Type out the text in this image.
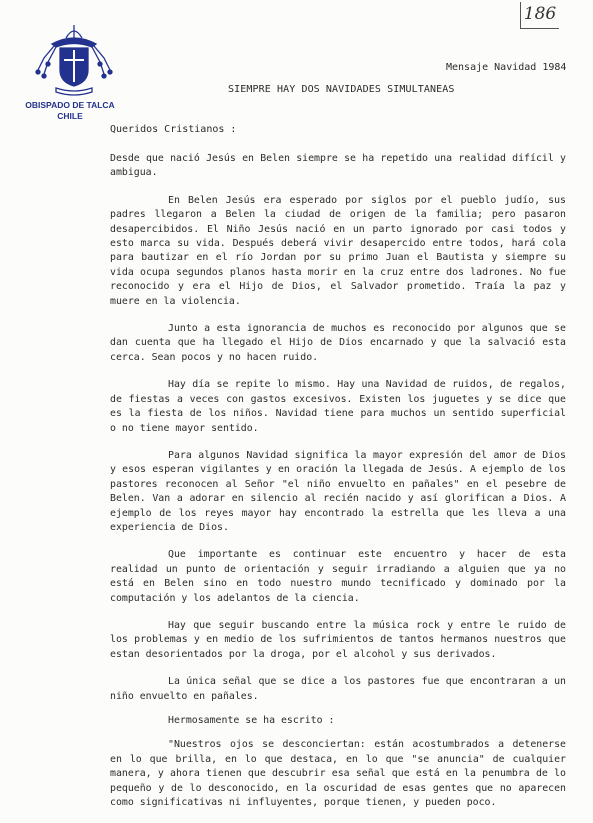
186
OBISPADO DE TALCA
CHILE
Mensaje Navidad 1984
SIEMPRE HAY DOS NAVIDADES SIMULTANEAS
Queridos Cristianos :

Desde que nació Jesús en Belen siempre se ha repetido una realidad difícil y ambigua.

En Belen Jesús era esperado por siglos por el pueblo judío, sus padres llegaron a Belen la ciudad de origen de la familia; pero pasaron desapercibidos. El Niño Jesús nació en un parto ignorado por casi todos y esto marca su vida. Después deberá vivir desapercido entre todos, hará cola para bautizar en el río Jordan por su primo Juan el Bautista y siempre su vida ocupa segundos planos hasta morir en la cruz entre dos ladrones. No fue reconocido y era el Hijo de Dios, el Salvador prometido. Traía la paz y muere en la violencia.

Junto a esta ignorancia de muchos es reconocido por algunos que se dan cuenta que ha llegado el Hijo de Dios encarnado y que la salvació esta cerca. Sean pocos y no hacen ruido.

Hay día se repite lo mismo. Hay una Navidad de ruidos, de regalos, de fiestas a veces con gastos excesivos. Existen los juguetes y se dice que es la fiesta de los niños. Navidad tiene para muchos un sentido superficial o no tiene mayor sentido.

Para algunos Navidad significa la mayor expresión del amor de Dios y esos esperan vigilantes y en oración la llegada de Jesús. A ejemplo de los pastores reconocen al Señor "el niño envuelto en pañales" en el pesebre de Belen. Van a adorar en silencio al recién nacido y así glorifican a Dios. A ejemplo de los reyes mayor hay encontrado la estrella que les lleva a una experiencia de Dios.

Que importante es continuar este encuentro y hacer de esta realidad un punto de orientación y seguir irradiando a alguien que ya no está en Belen sino en todo nuestro mundo tecnificado y dominado por la computación y los adelantos de la ciencia.

Hay que seguir buscando entre la música rock y entre le ruido de los problemas y en medio de los sufrimientos de tantos hermanos nuestros que estan desorientados por la droga, por el alcohol y sus derivados.

La única señal que se dice a los pastores fue que encontraran a un niño envuelto en pañales.

Hermosamente se ha escrito :

"Nuestros ojos se desconciertan: están acostumbrados a detenerse en lo que brilla, en lo que destaca, en lo que "se anuncia" de cualquier manera, y ahora tienen que descubrir esa señal que está en la penumbra de lo pequeño y de lo desconocido, en la oscuridad de esas gentes que no aparecen como significativas ni influyentes, porque tienen, y pueden poco.
